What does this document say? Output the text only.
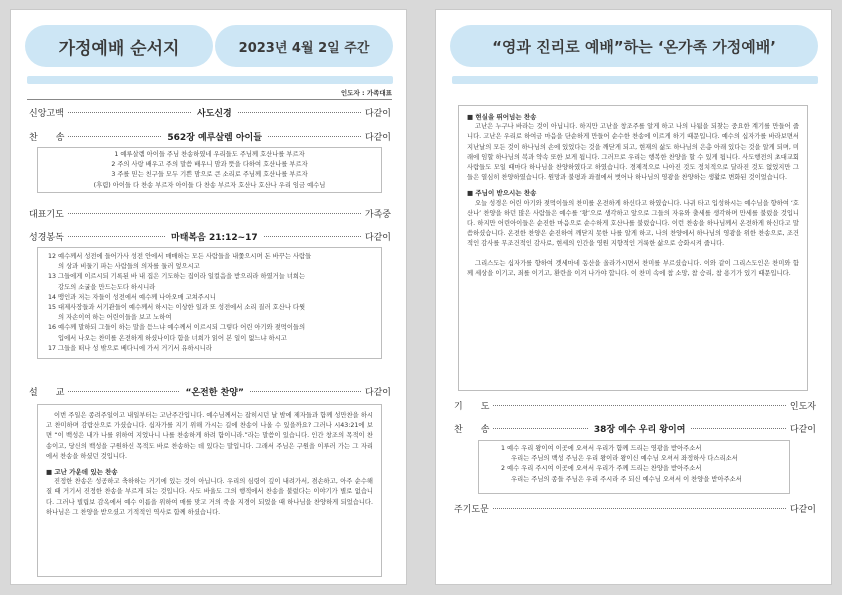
가정예배 순서지	2023년 4월 2일 주간
인도자 : 가족대표
신앙고백	사도신경	다같이
찬　　송	562장 예루살렘 아이들	다같이
1 예루살렘 아이들 주님 찬송하였네 우리들도 주님께 호산나를 부르자
2 주의 사랑 배우고 주의 말씀 배우니 맘과 뜻을 다하여 호산나를 부르자
3 주를 믿는 친구들 모두 기쁜 맘으로 큰 소리로 주님께 호산나를 부르자
(후렴) 아이들 다 찬송 부르자 아이들 다 찬송 부르자 호산나 호산나 우리 임금 예수님
대표기도	가족중
성경봉독	마태복음 21:12~17	다같이
12 예수께서 성전에 들어가사 성전 안에서 매매하는 모든 사람들을 내쫓으시며 돈 바꾸는 사람들
의 상과 비둘기 파는 사람들의 의자를 둘러 엎으시고
13 그들에게 이르시되 기록된 바 내 집은 기도하는 집이라 일컬음을 받으리라 하였거늘 너희는
강도의 소굴을 만드는도다 하시니라
14 맹인과 저는 자들이 성전에서 예수께 나아오매 고쳐주시니
15 대제사장들과 서기관들이 예수께서 하시는 이상한 일과 또 성전에서 소리 질러 호산나 다윗
의 자손이여 하는 어린이들을 보고 노하여
16 예수께 말하되 그들이 하는 말을 듣느냐 예수께서 이르시되 그렇다 어린 아기와 젖먹이들의
입에서 나오는 찬미를 온전하게 하셨나이다 함을 너희가 읽어 본 일이 없느냐 하시고
17 그들을 떠나 성 밖으로 베다니에 가서 거기서 유하시니라
설　　교	“온전한 찬양”	다같이

이번 주일은 종려주일이고 내일부터는 고난주간입니다. 예수님께서는 잡히시던 날 밤에 제자들과 함께 성만찬을 하시고 찬미하며 감람산으로 가셨습니다. 십자가를 지기 위해 가시는 길에 찬송이 나올 수 있을까요? 그러나 시43:21에 보면 “이 백성은 내가 나를 위하여 지었나니 나를 찬송하게 하려 함이니라.”라는 말씀이 있습니다. 인간 창조의 목적이 찬송이고, 당신의 백성을 구원하신 목적도 바로 찬송하는 데 있다는 말입니다. 그래서 주님은 구원을 이루러 가는 그 자리에서 찬송을 하셨던 것입니다.

■ 고난 가운데 있는 찬송

진정한 찬송은 성공하고 축하하는 거기에 있는 것이 아닙니다. 우리의 심령이 깊이 내려가서, 겸손하고, 아주 순수해질 때 거기서 진정한 찬송을 부르게 되는 것입니다. 사도 바울도 그의 행적에서 찬송을 불렀다는 이야기가 별로 없습니다. 그러나 빌립보 감옥에서 예수 이름을 위하여 매를 맞고 거의 죽을 지경이 되었을 때 하나님을 찬양하게 되었습니다. 하나님은 그 찬양을 받으셨고 기적적인 역사로 함께 하셨습니다.

“영과 진리로 예배”하는 ‘온가족 가정예배’
■ 현실을 뛰어넘는 찬송

고난은 누구나 바라는 것이 아닙니다. 하지만 고난을 창조주를 알게 하고 나의 나됨을 되찾는 중요한 계기를 만들어 줍니다. 고난은 우리로 하여금 마음을 단순하게 만들어 순수한 찬송에 이르게 하기 때문입니다. 예수의 십자가를 바라보면서 지난날의 모든 것이 하나님의 손에 있었다는 것을 깨닫게 되고, 현재의 삶도 하나님의 은총 아래 있다는 것을 알게 되며, 미래에 임할 하나님의 복과 약속 또한 보게 됩니다. 그러므로 우리는 행복한 찬양을 할 수 있게 됩니다. 사도행전의 초대교회 사람들도 모일 때마다 하나님을 찬양하였다고 하였습니다. 경제적으로 나아진 것도 정치적으로 달라진 것도 없었지만 그들은 열심히 찬양하였습니다. 원망과 불평과 좌절에서 벗어나 하나님의 영광을 찬양하는 생활로 변화된 것이었습니다.

■ 주님이 받으시는 찬송

오늘 성경은 어린 아기와 젖먹이들의 찬미를 온전하게 하신다고 하였습니다. 나귀 타고 입성하시는 예수님을 향하여 ‘호산나’ 찬양을 하던 많은 사람들은 예수를 ‘왕’으로 생각하고 앞으로 그들의 자유와 출세를 생각하며 만세를 불렀을 것입니다. 하지만 어린아이들은 순진한 마음으로 순수하게 호산나를 불렀습니다. 이런 찬송을 하나님께서 온전하게 하신다고 말씀하셨습니다. 온전한 찬양은 순진하여 깨닫지 못한 나를 알게 하고, 나의 찬양에서 하나님의 영광을 위한 찬송으로, 조건적인 감사를 무조건적인 감사로, 현세의 인간을 영원 지향적인 거룩한 삶으로 승화시켜 줍니다.

그리스도는 십자가를 향하여 겟세마네 동산을 올라가시면서 찬미를 부르셨습니다. 이와 같이 그리스도인은 찬미와 함께 세상을 이기고, 죄를 이기고, 환란을 이겨 나가야 합니다. 이 찬미 속에 참 소망, 참 승리, 참 용기가 있기 때문입니다.

기　　도	인도자
찬　　송	38장 예수 우리 왕이여	다같이
1 예수 우리 왕이여 이곳에 오셔서 우리가 함께 드리는 영광을 받아주소서
우리는 주님의 백성 주님은 우리 왕이라 왕이신 예수님 오셔서 좌정하사 다스리소서
2 예수 우리 주시여 이곳에 오셔서 우리가 주께 드리는 찬양을 받아주소서
우리는 주님의 종들 주님은 우리 주시라 주 되신 예수님 오셔서 이 찬양을 받아주소서
주기도문	다같이
